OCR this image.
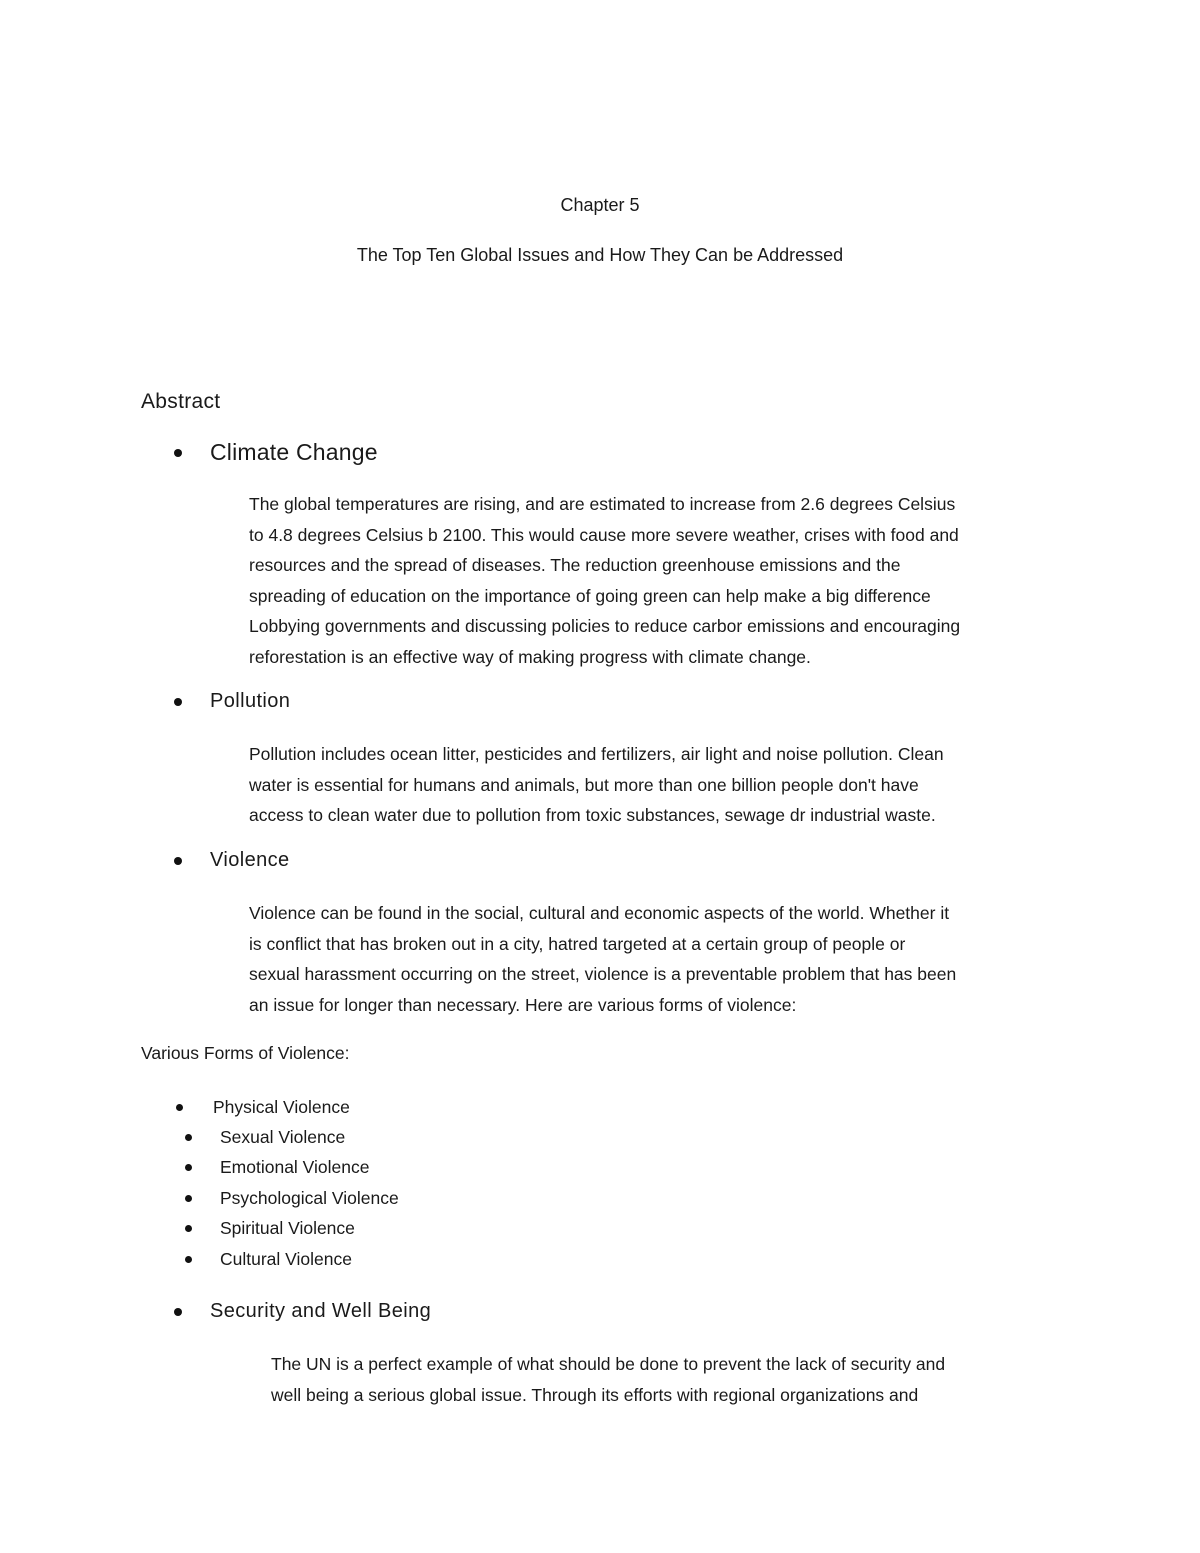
Chapter 5
The Top Ten Global Issues and How They Can be Addressed
Abstract
Climate Change
The global temperatures are rising, and are estimated to increase from 2.6 degrees Celsius
to 4.8 degrees Celsius b 2100. This would cause more severe weather, crises with food and
resources and the spread of diseases. The reduction greenhouse emissions and the
spreading of education on the importance of going green can help make a big difference
Lobbying governments and discussing policies to reduce carbor emissions and encouraging
reforestation is an effective way of making progress with climate change.
Pollution
Pollution includes ocean litter, pesticides and fertilizers, air light and noise pollution. Clean
water is essential for humans and animals, but more than one billion people don't have
access to clean water due to pollution from toxic substances, sewage dr industrial waste.
Violence
Violence can be found in the social, cultural and economic aspects of the world. Whether it
is conflict that has broken out in a city, hatred targeted at a certain group of people or
sexual harassment occurring on the street, violence is a preventable problem that has been
an issue for longer than necessary. Here are various forms of violence:
Various Forms of Violence:
Physical Violence
Sexual Violence
Emotional Violence
Psychological Violence
Spiritual Violence
Cultural Violence
Security and Well Being
The UN is a perfect example of what should be done to prevent the lack of security and
well being a serious global issue. Through its efforts with regional organizations and
